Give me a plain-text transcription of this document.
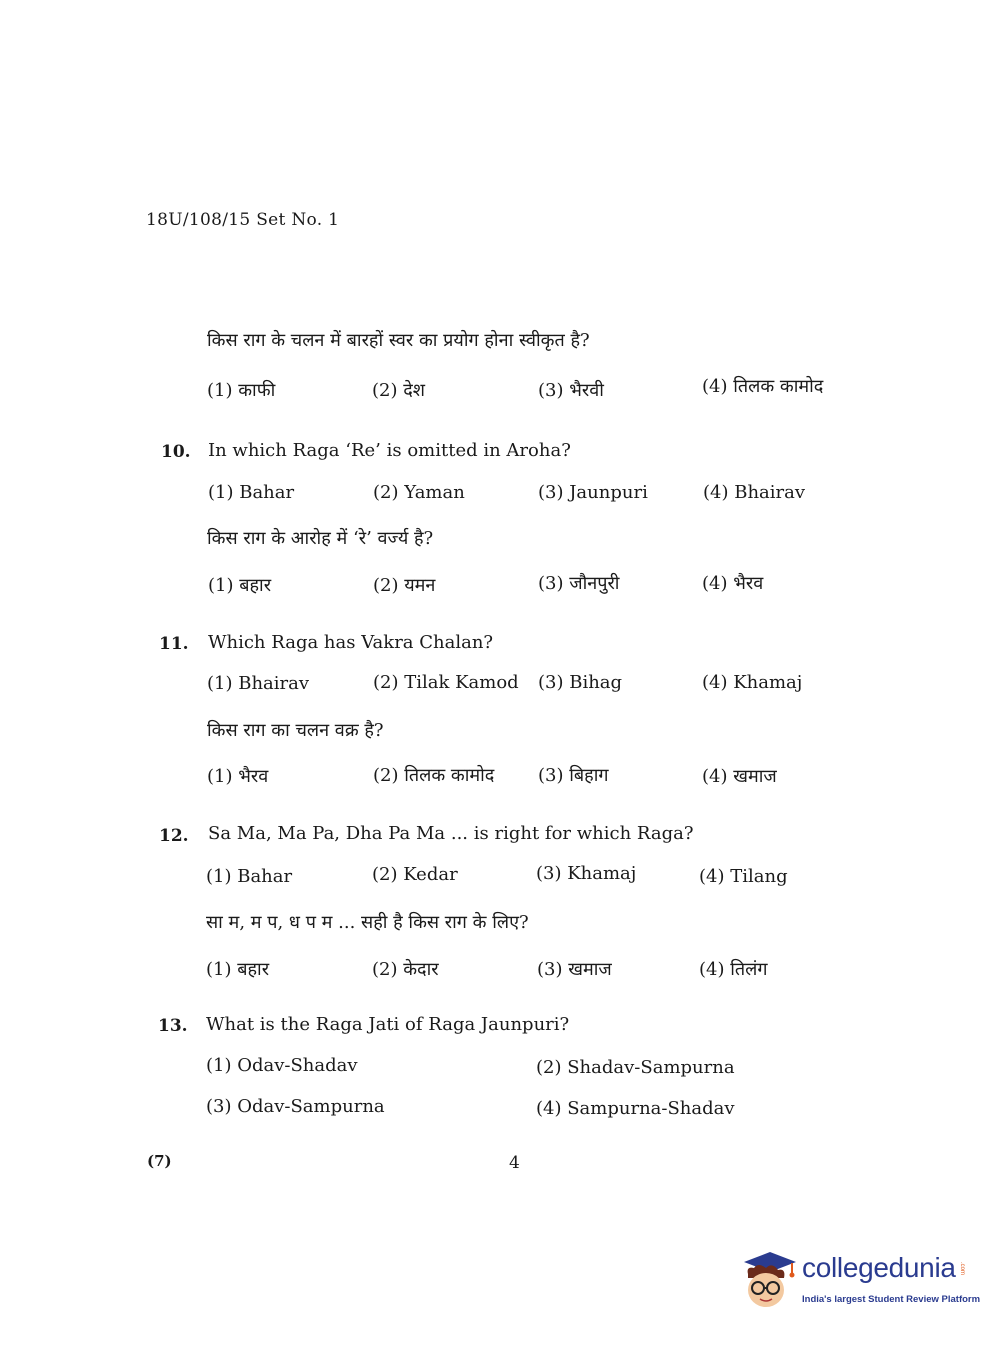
18U/108/15 Set No. 1
किस राग के चलन में बारहों स्वर का प्रयोग होना स्वीकृत है?
(1) काफी	(2) देश	(3) भैरवी	(4) तिलक कामोद
10. In which Raga ‘Re’ is omitted in Aroha?
(1) Bahar	(2) Yaman	(3) Jaunpuri	(4) Bhairav
किस राग के आरोह में ‘रे’ वर्ज्य है?
(1) बहार	(2) यमन	(3) जौनपुरी	(4) भैरव
11. Which Raga has Vakra Chalan?
(1) Bhairav	(2) Tilak Kamod (3) Bihag	(4) Khamaj
किस राग का चलन वक्र है?
(1) भैरव	(2) तिलक कामोद (3) बिहाग	(4) खमाज
12. Sa Ma, Ma Pa, Dha Pa Ma ... is right for which Raga?
(1) Bahar	(2) Kedar	(3) Khamaj	(4) Tilang
सा म, म प, ध प म ... सही है किस राग के लिए?
(1) बहार	(2) केदार	(3) खमाज	(4) तिलंग
13. What is the Raga Jati of Raga Jaunpuri?
(1) Odav-Shadav	(2) Shadav-Sampurna
(3) Odav-Sampurna	(4) Sampurna-Shadav
(7)	4
collegedunia .com
India's largest Student Review Platform
